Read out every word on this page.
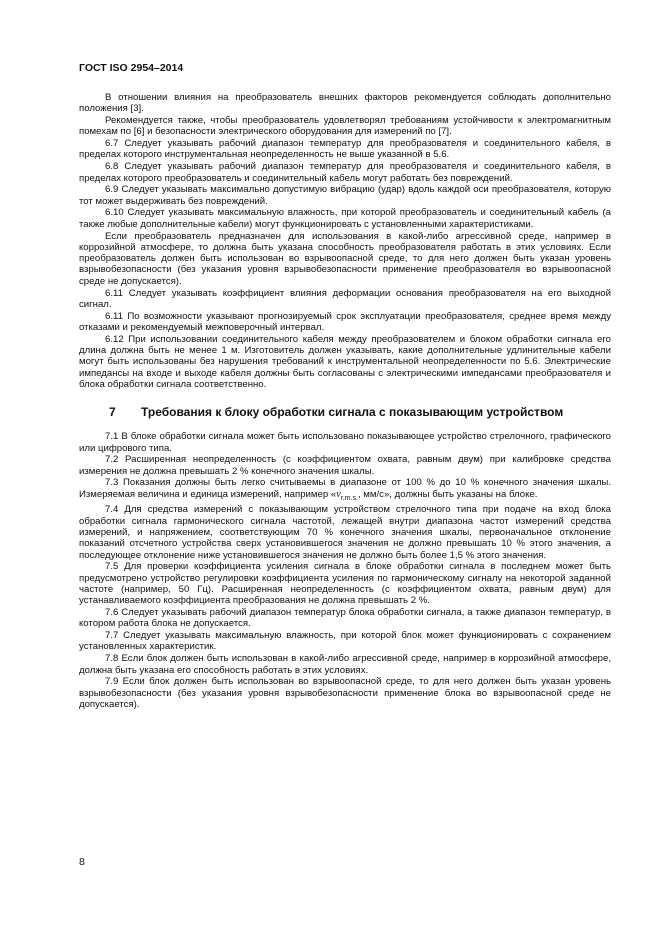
ГОСТ ISO 2954–2014

В отношении влияния на преобразователь внешних факторов рекомендуется соблюдать дополнительно положения [3].

Рекомендуется также, чтобы преобразователь удовлетворял требованиям устойчивости к электромагнитным помехам по [6] и безопасности электрического оборудования для измерений по [7].

6.7 Следует указывать рабочий диапазон температур для преобразователя и соединительного кабеля, в пределах которого инструментальная неопределенность не выше указанной в 5.6.

6.8 Следует указывать рабочий диапазон температур для преобразователя и соединительного кабеля, в пределах которого преобразователь и соединительный кабель могут работать без повреждений.

6.9 Следует указывать максимально допустимую вибрацию (удар) вдоль каждой оси преобразователя, которую тот может выдерживать без повреждений.

6.10 Следует указывать максимальную влажность, при которой преобразователь и соединительный кабель (а также любые дополнительные кабели) могут функционировать с установленными характеристиками.

Если преобразователь предназначен для использования в какой-либо агрессивной среде, например в коррозийной атмосфере, то должна быть указана способность преобразователя работать в этих условиях. Если преобразователь должен быть использован во взрывоопасной среде, то для него должен быть указан уровень взрывобезопасности (без указания уровня взрывобезопасности применение преобразователя во взрывоопасной среде не допускается).

6.11 Следует указывать коэффициент влияния деформации основания преобразователя на его выходной сигнал.

6.11 По возможности указывают прогнозируемый срок эксплуатации преобразователя, среднее время между отказами и рекомендуемый межповерочный интервал.

6.12 При использовании соединительного кабеля между преобразователем и блоком обработки сигнала его длина должна быть не менее 1 м. Изготовитель должен указывать, какие дополнительные удлинительные кабели могут быть использованы без нарушения требований к инструментальной неопределенности по 5.6. Электрические импедансы на входе и выходе кабеля должны быть согласованы с электрическими импедансами преобразователя и блока обработки сигнала соответственно.

7	Требования к блоку обработки сигнала с показывающим устройством

7.1 В блоке обработки сигнала может быть использовано показывающее устройство стрелочного, графического или цифрового типа.

7.2 Расширенная неопределенность (с коэффициентом охвата, равным двум) при калибровке средства измерения не должна превышать 2 % конечного значения шкалы.

7.3 Показания должны быть легко считываемы в диапазоне от 100 % до 10 % конечного значения шкалы. Измеряемая величина и единица измерений, например «$v_{r.m.s.}$, мм/с», должны быть указаны на блоке.

7.4 Для средства измерений с показывающим устройством стрелочного типа при подаче на вход блока обработки сигнала гармонического сигнала частотой, лежащей внутри диапазона частот измерений средства измерений, и напряжением, соответствующим 70 % конечного значения шкалы, первоначальное отклонение показаний отсчетного устройства сверх установившегося значения не должно превышать 10 % этого значения, а последующее отклонение ниже установившегося значения не должно быть более 1,5 % этого значения.

7.5 Для проверки коэффициента усиления сигнала в блоке обработки сигнала в последнем может быть предусмотрено устройство регулировки коэффициента усиления по гармоническому сигналу на некоторой заданной частоте (например, 50 Гц). Расширенная неопределенность (с коэффициентом охвата, равным двум) для устанавливаемого коэффициента преобразования не должна превышать 2 %.

7.6 Следует указывать рабочий диапазон температур блока обработки сигнала, а также диапазон температур, в котором работа блока не допускается.

7.7 Следует указывать максимальную влажность, при которой блок может функционировать с сохранением установленных характеристик.

7.8 Если блок должен быть использован в какой-либо агрессивной среде, например в коррозийной атмосфере, должна быть указана его способность работать в этих условиях.

7.9 Если блок должен быть использован во взрывоопасной среде, то для него должен быть указан уровень взрывобезопасности (без указания уровня взрывобезопасности применение блока во взрывоопасной среде не допускается).

8
